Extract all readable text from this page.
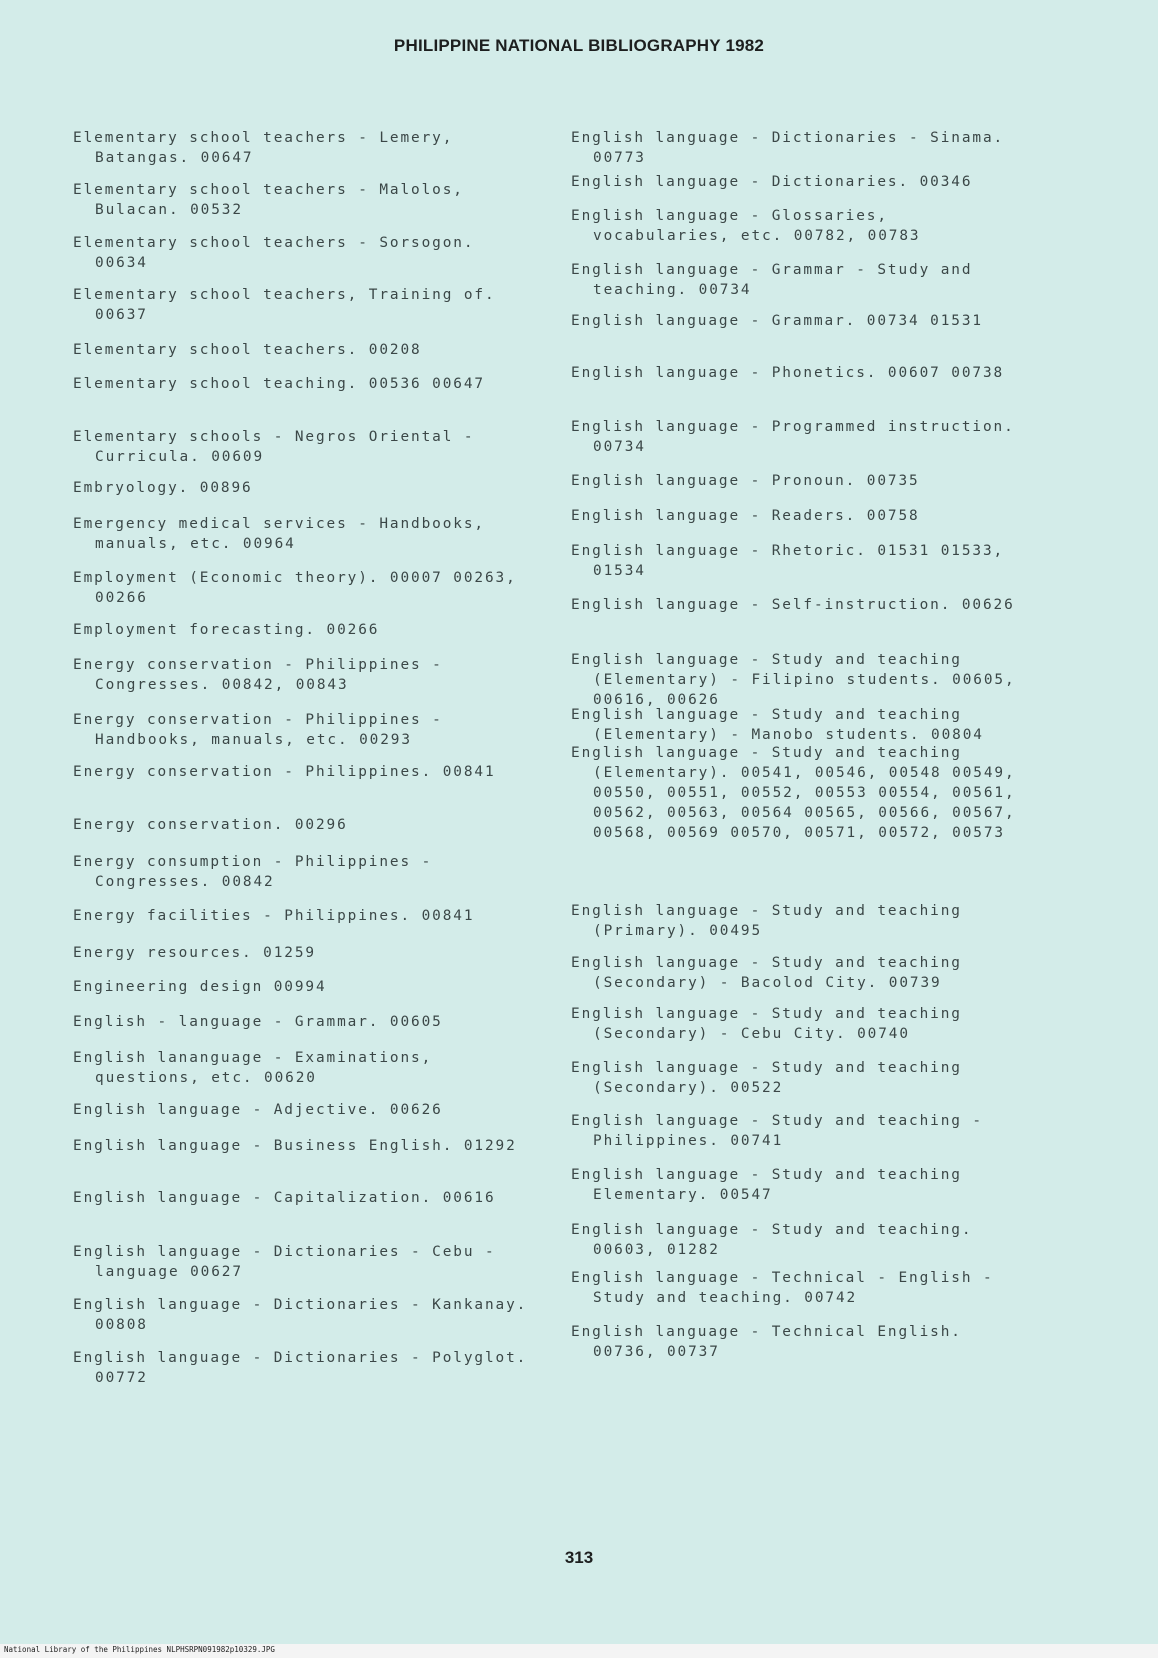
PHILIPPINE NATIONAL BIBLIOGRAPHY 1982

Elementary school teachers - Lemery, Batangas. 00647

Elementary school teachers - Malolos, Bulacan. 00532

Elementary school teachers - Sorsogon. 00634

Elementary school teachers, Training of. 00637

Elementary school teachers. 00208

Elementary school teaching. 00536 00647

Elementary schools - Negros Oriental - Curricula. 00609

Embryology. 00896

Emergency medical services - Handbooks, manuals, etc. 00964

Employment (Economic theory). 00007 00263, 00266

Employment forecasting. 00266

Energy conservation - Philippines - Congresses. 00842, 00843

Energy conservation - Philippines - Handbooks, manuals, etc. 00293

Energy conservation - Philippines. 00841

Energy conservation. 00296

Energy consumption - Philippines - Congresses. 00842

Energy facilities - Philippines. 00841

Energy resources. 01259

Engineering design 00994

English - language - Grammar. 00605

English lananguage - Examinations, questions, etc. 00620

English language - Adjective. 00626

English language - Business English. 01292

English language - Capitalization. 00616

English language - Dictionaries - Cebu - language 00627

English language - Dictionaries - Kankanay. 00808

English language - Dictionaries - Polyglot. 00772

English language - Dictionaries - Sinama. 00773

English language - Dictionaries. 00346

English language - Glossaries, vocabularies, etc. 00782, 00783

English language - Grammar - Study and teaching. 00734

English language - Grammar. 00734 01531

English language - Phonetics. 00607 00738

English language - Programmed instruction. 00734

English language - Pronoun. 00735

English language - Readers. 00758

English language - Rhetoric. 01531 01533, 01534

English language - Self-instruction. 00626

English language - Study and teaching (Elementary) - Filipino students. 00605, 00616, 00626

English language - Study and teaching (Elementary) - Manobo students. 00804

English language - Study and teaching (Elementary). 00541, 00546, 00548 00549, 00550, 00551, 00552, 00553 00554, 00561, 00562, 00563, 00564 00565, 00566, 00567, 00568, 00569 00570, 00571, 00572, 00573

English language - Study and teaching (Primary). 00495

English language - Study and teaching (Secondary) - Bacolod City. 00739

English language - Study and teaching (Secondary) - Cebu City. 00740

English language - Study and teaching (Secondary). 00522

English language - Study and teaching - Philippines. 00741

English language - Study and teaching Elementary. 00547

English language - Study and teaching. 00603, 01282

English language - Technical - English - Study and teaching. 00742

English language - Technical English. 00736, 00737

313
National Library of the Philippines NLPHSRPN091982p10329.JPG
